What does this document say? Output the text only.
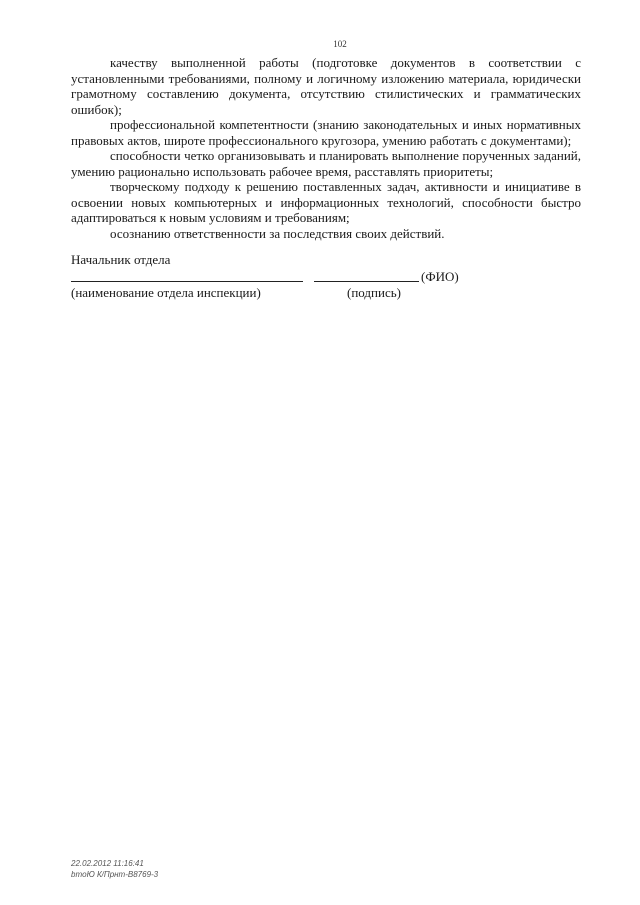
102

качеству выполненной работы (подготовке документов в соответствии с установленными требованиями, полному и логичному изложению материала, юридически грамотному составлению документа, отсутствию стилистических и грамматических ошибок);

профессиональной компетентности (знанию законодательных и иных нормативных правовых актов, широте профессионального кругозора, умению работать с документами);

способности четко организовывать и планировать выполнение порученных заданий, умению рационально использовать рабочее время, расставлять приоритеты;

творческому подходу к решению поставленных задач, активности и инициативе в освоении новых компьютерных и информационных технологий, способности быстро адаптироваться к новым условиям и требованиям;

осознанию ответственности за последствия своих действий.

Начальник отдела

(ФИО)
(наименование отдела инспекции)	(подпись)
22.02.2012 11:16:41
bmoЮ К/Прнт-В8769-3
